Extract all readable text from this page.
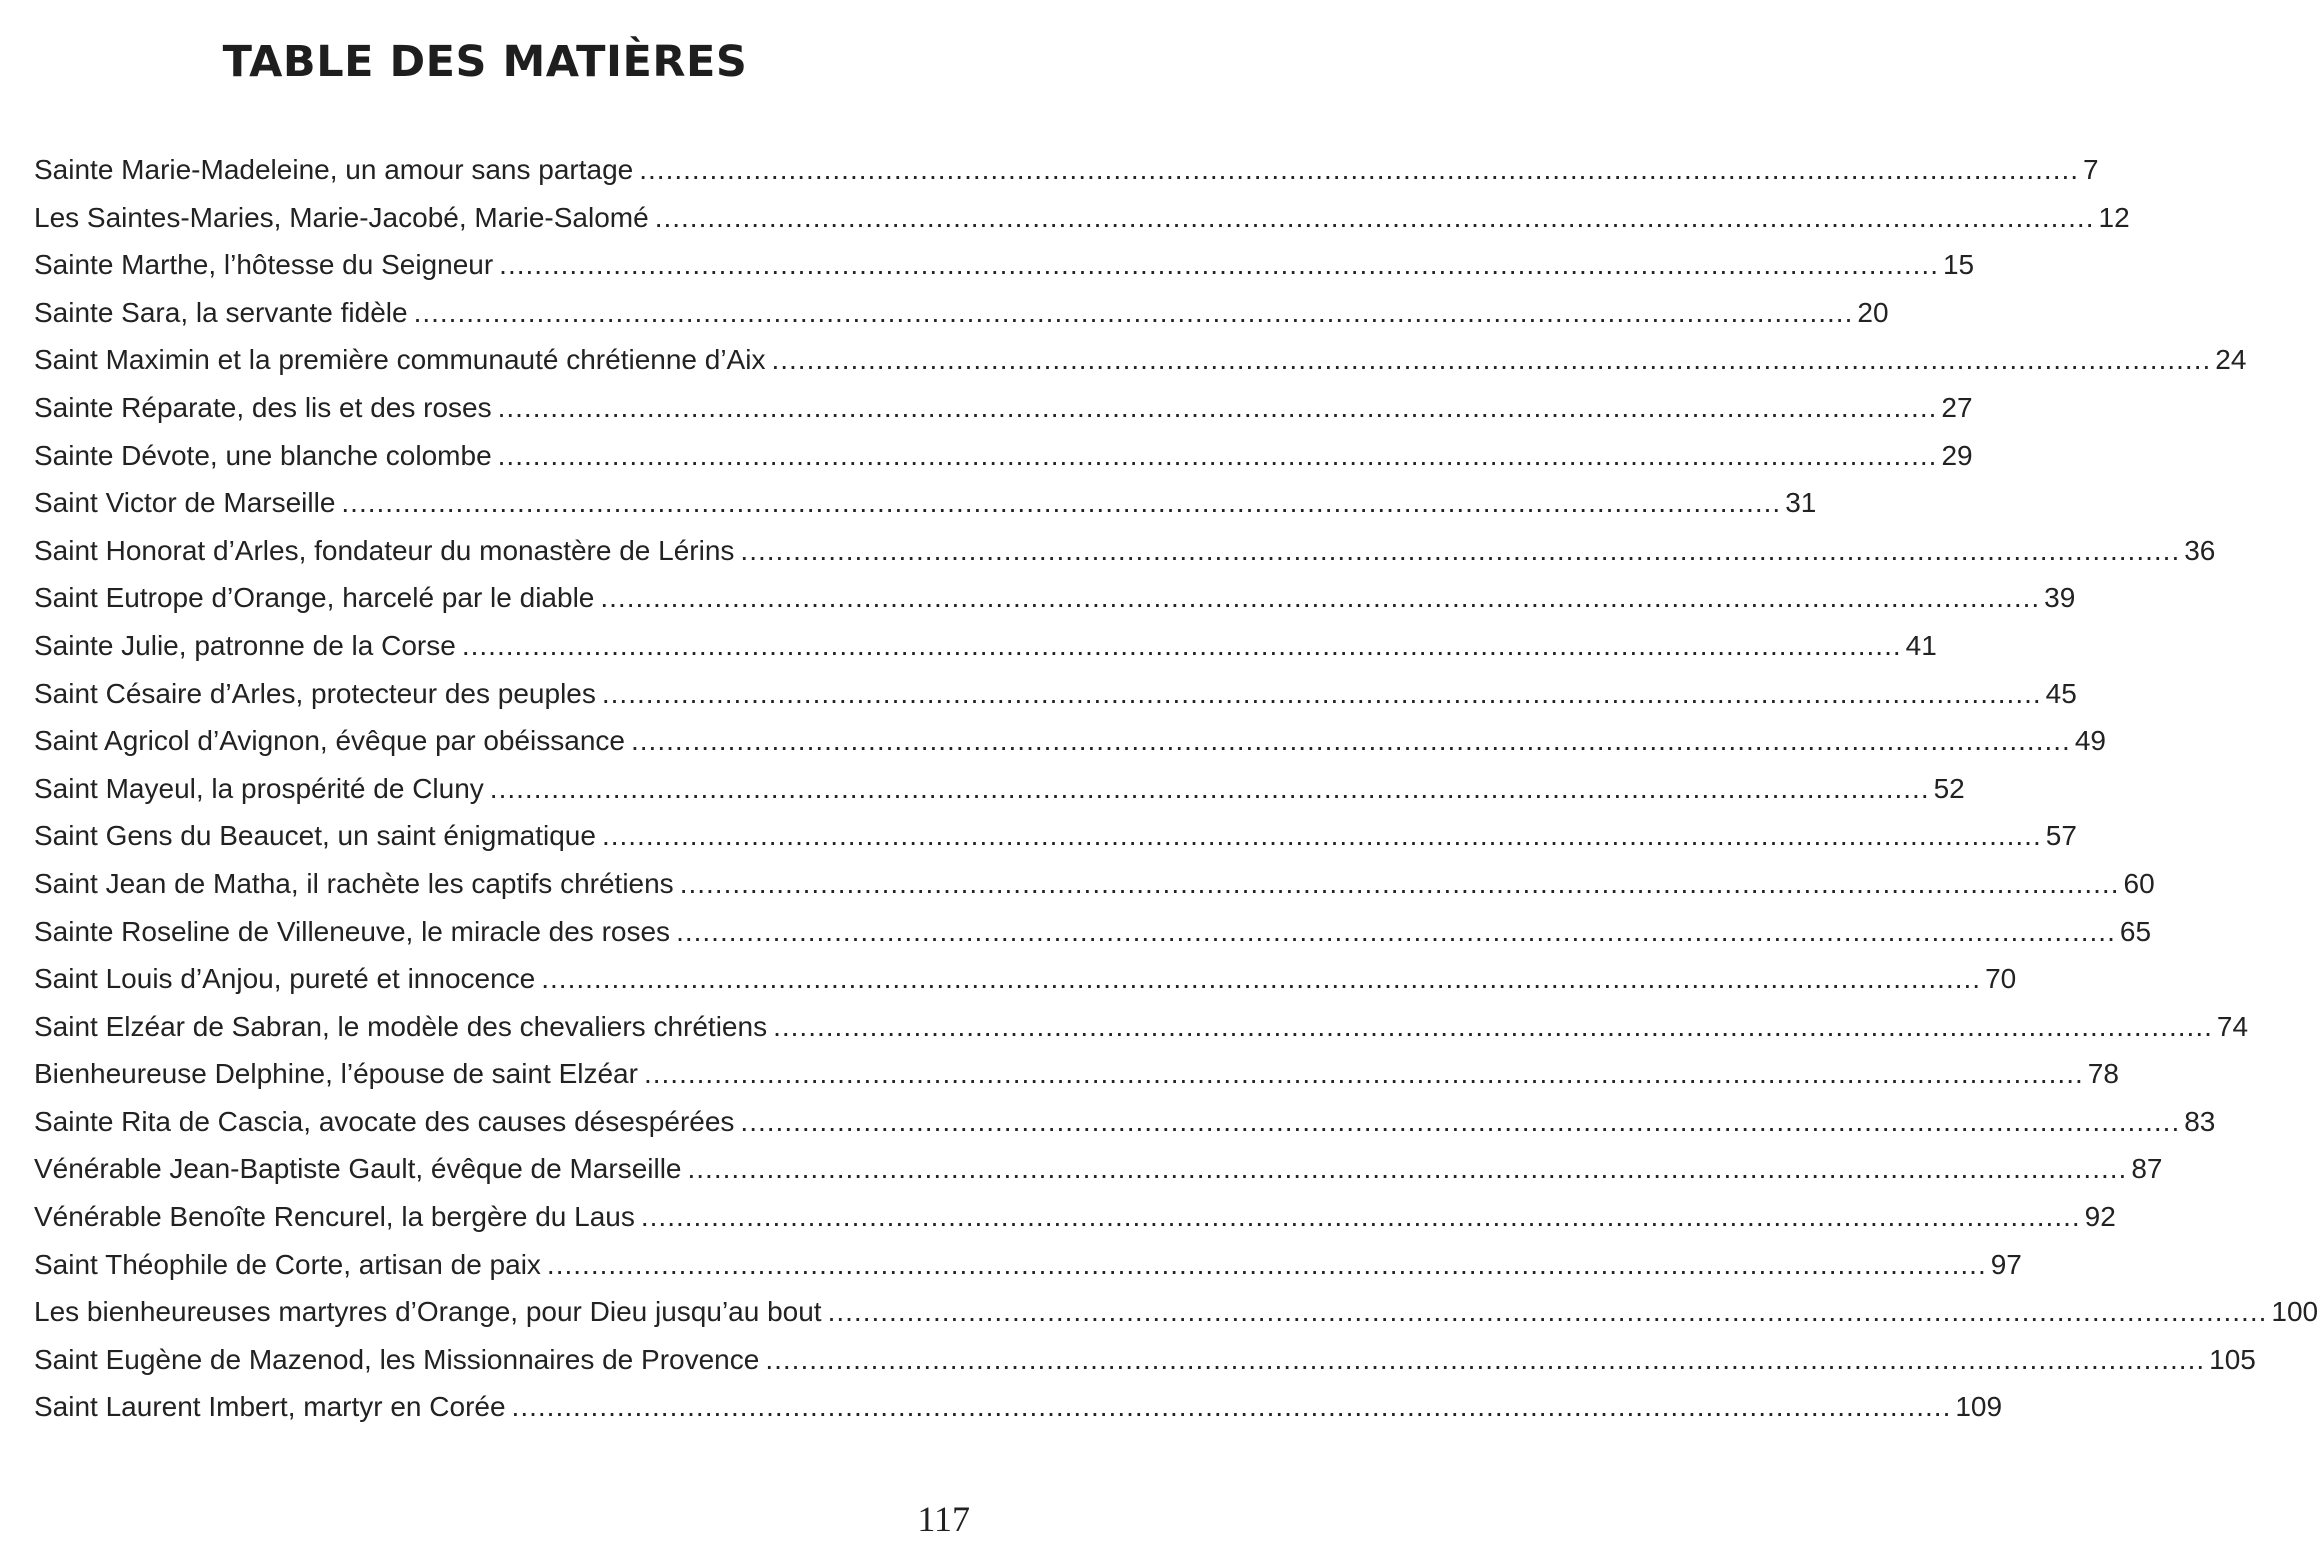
TABLE DES MATIÈRES
Sainte Marie-Madeleine, un amour sans partage .....	7
Les Saintes-Maries, Marie-Jacobé, Marie-Salomé .....	12
Sainte Marthe, l’hôtesse du Seigneur .....	15
Sainte Sara, la servante fidèle .....	20
Saint Maximin et la première communauté chrétienne d’Aix .....	24
Sainte Réparate, des lis et des roses .....	27
Sainte Dévote, une blanche colombe .....	29
Saint Victor de Marseille .....	31
Saint Honorat d’Arles, fondateur du monastère de Lérins .....	36
Saint Eutrope d’Orange, harcelé par le diable .....	39
Sainte Julie, patronne de la Corse .....	41
Saint Césaire d’Arles, protecteur des peuples .....	45
Saint Agricol d’Avignon, évêque par obéissance .....	49
Saint Mayeul, la prospérité de Cluny .....	52
Saint Gens du Beaucet, un saint énigmatique .....	57
Saint Jean de Matha, il rachète les captifs chrétiens .....	60
Sainte Roseline de Villeneuve, le miracle des roses .....	65
Saint Louis d’Anjou, pureté et innocence .....	70
Saint Elzéar de Sabran, le modèle des chevaliers chrétiens .....	74
Bienheureuse Delphine, l’épouse de saint Elzéar .....	78
Sainte Rita de Cascia, avocate des causes désespérées .....	83
Vénérable Jean-Baptiste Gault, évêque de Marseille .....	87
Vénérable Benoîte Rencurel, la bergère du Laus .....	92
Saint Théophile de Corte, artisan de paix .....	97
Les bienheureuses martyres d’Orange, pour Dieu jusqu’au bout .....	100
Saint Eugène de Mazenod, les Missionnaires de Provence .....	105
Saint Laurent Imbert, martyr en Corée .....	109
117
